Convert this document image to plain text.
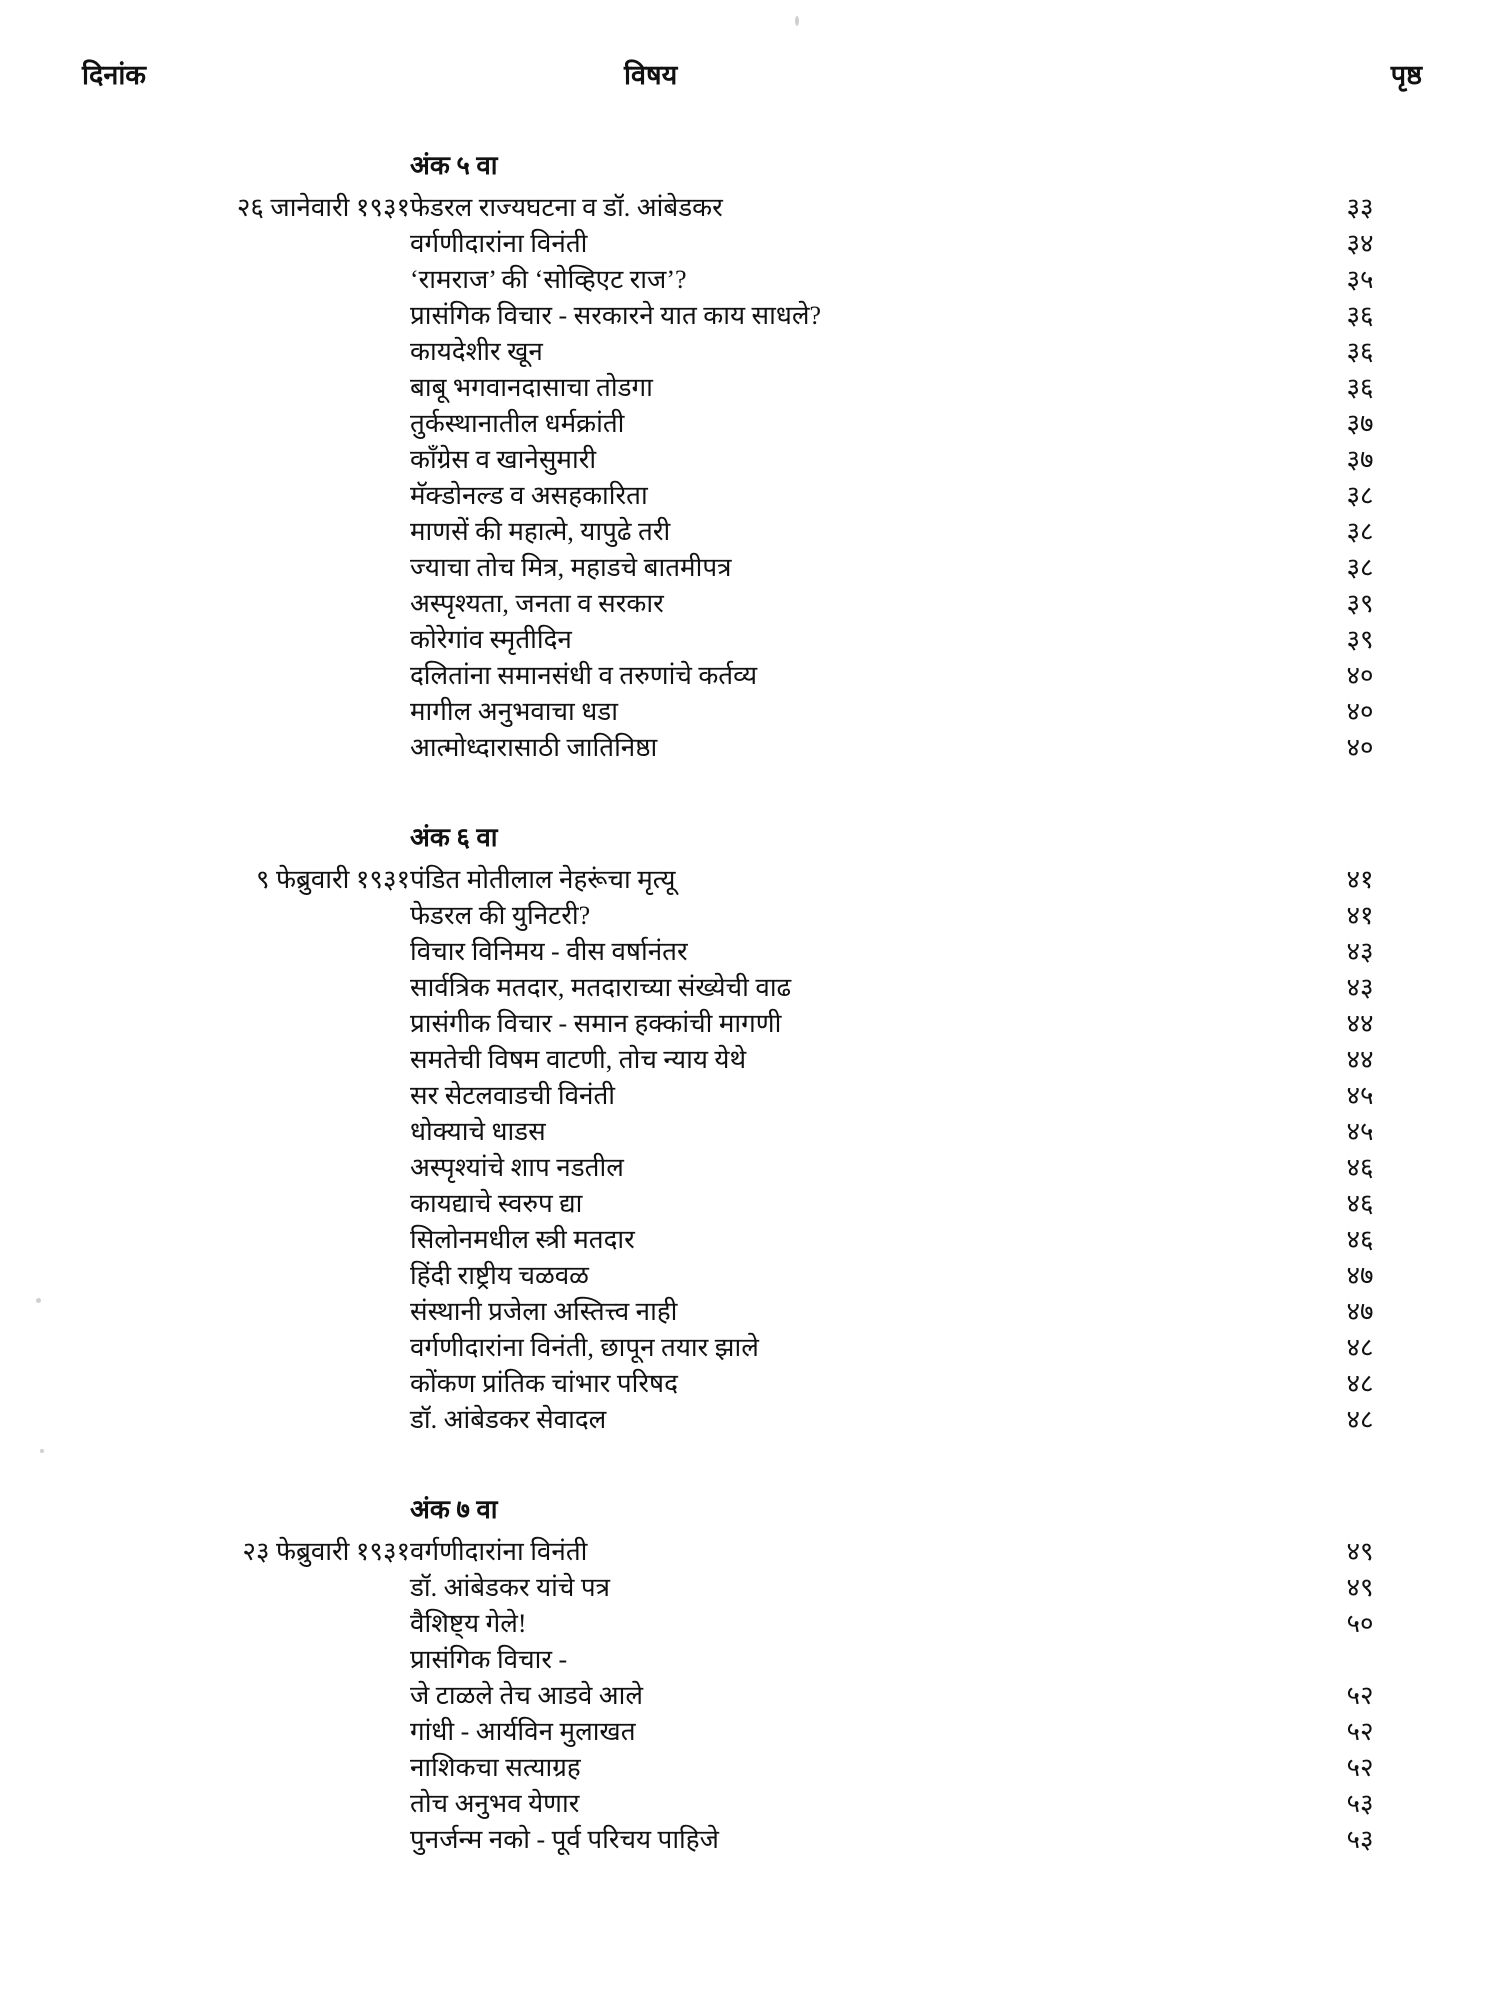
दिनांक	विषय	पृष्ठ
	अंक ५ वा	
२६ जानेवारी १९३१	फेडरल राज्यघटना व डॉ. आंबेडकर	३३
	वर्गणीदारांना विनंती	३४
	‘रामराज’ की ‘सोव्हिएट राज’?	३५
	प्रासंगिक विचार - सरकारने यात काय साधले?	३६
	कायदेशीर खून	३६
	बाबू भगवानदासाचा तोडगा	३६
	तुर्कस्थानातील धर्मक्रांती	३७
	काँग्रेस व खानेसुमारी	३७
	मॅक्डोनल्ड व असहकारिता	३८
	माणसें की महात्मे, यापुढे तरी	३८
	ज्याचा तोच मित्र, महाडचे बातमीपत्र	३८
	अस्पृश्यता, जनता व सरकार	३९
	कोरेगांव स्मृतीदिन	३९
	दलितांना समानसंधी व तरुणांचे कर्तव्य	४०
	मागील अनुभवाचा धडा	४०
	आत्मोध्दारासाठी जातिनिष्ठा	४०

	अंक ६ वा	
९ फेब्रुवारी १९३१	पंडित मोतीलाल नेहरूंचा मृत्यू	४१
	फेडरल की युनिटरी?	४१
	विचार विनिमय - वीस वर्षानंतर	४३
	सार्वत्रिक मतदार, मतदाराच्या संख्येची वाढ	४३
	प्रासंगीक विचार - समान हक्कांची मागणी	४४
	समतेची विषम वाटणी, तोच न्याय येथे	४४
	सर सेटलवाडची विनंती	४५
	धोक्याचे धाडस	४५
	अस्पृश्यांचे शाप नडतील	४६
	कायद्याचे स्वरुप द्या	४६
	सिलोनमधील स्त्री मतदार	४६
	हिंदी राष्ट्रीय चळवळ	४७
	संस्थानी प्रजेला अस्तित्त्व नाही	४७
	वर्गणीदारांना विनंती, छापून तयार झाले	४८
	कोंकण प्रांतिक चांभार परिषद	४८
	डॉ. आंबेडकर सेवादल	४८

	अंक ७ वा	
२३ फेब्रुवारी १९३१	वर्गणीदारांना विनंती	४९
	डॉ. आंबेडकर यांचे पत्र	४९
	वैशिष्ट्य गेले!	५०
	प्रासंगिक विचार -	
	जे टाळले तेच आडवे आले	५२
	गांधी - आर्यविन मुलाखत	५२
	नाशिकचा सत्याग्रह	५२
	तोच अनुभव येणार	५३
	पुनर्जन्म नको - पूर्व परिचय पाहिजे	५३
